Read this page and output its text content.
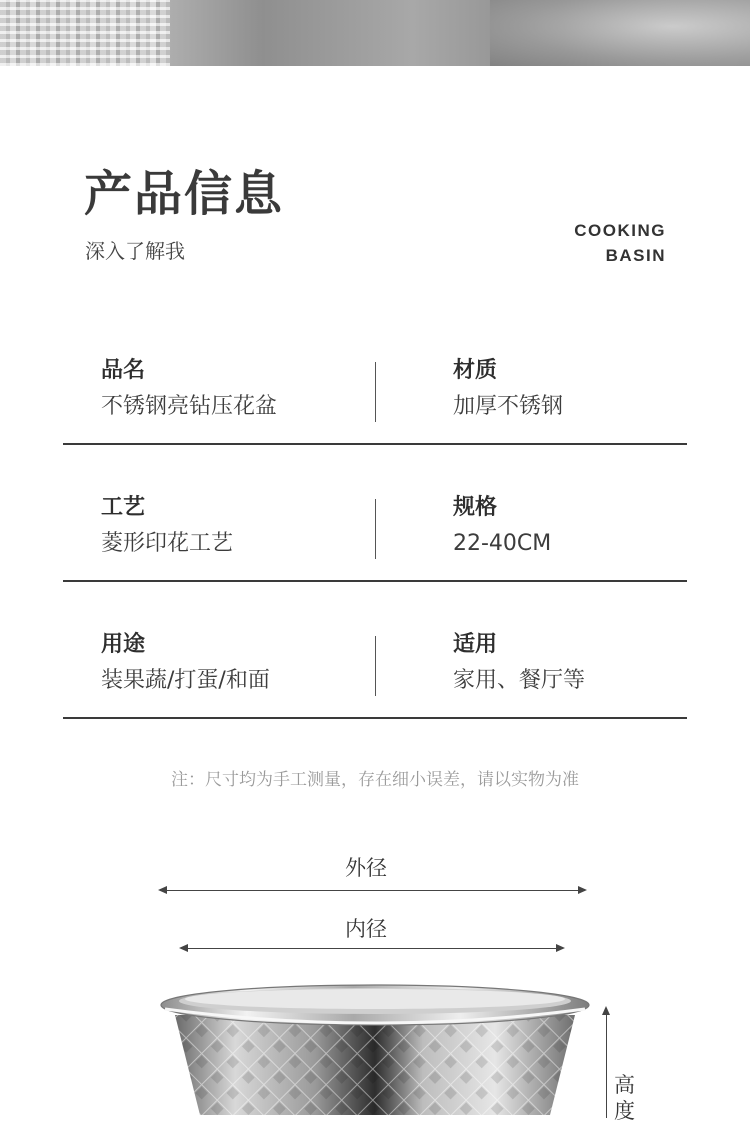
产品信息
深入了解我
COOKING
BASIN
品名
不锈钢亮钻压花盆
材质
加厚不锈钢
工艺
菱形印花工艺
规格
22-40CM
用途
装果蔬/打蛋/和面
适用
家用、餐厅等
注：尺寸均为手工测量，存在细小误差，请以实物为准
外径
内径
高度
